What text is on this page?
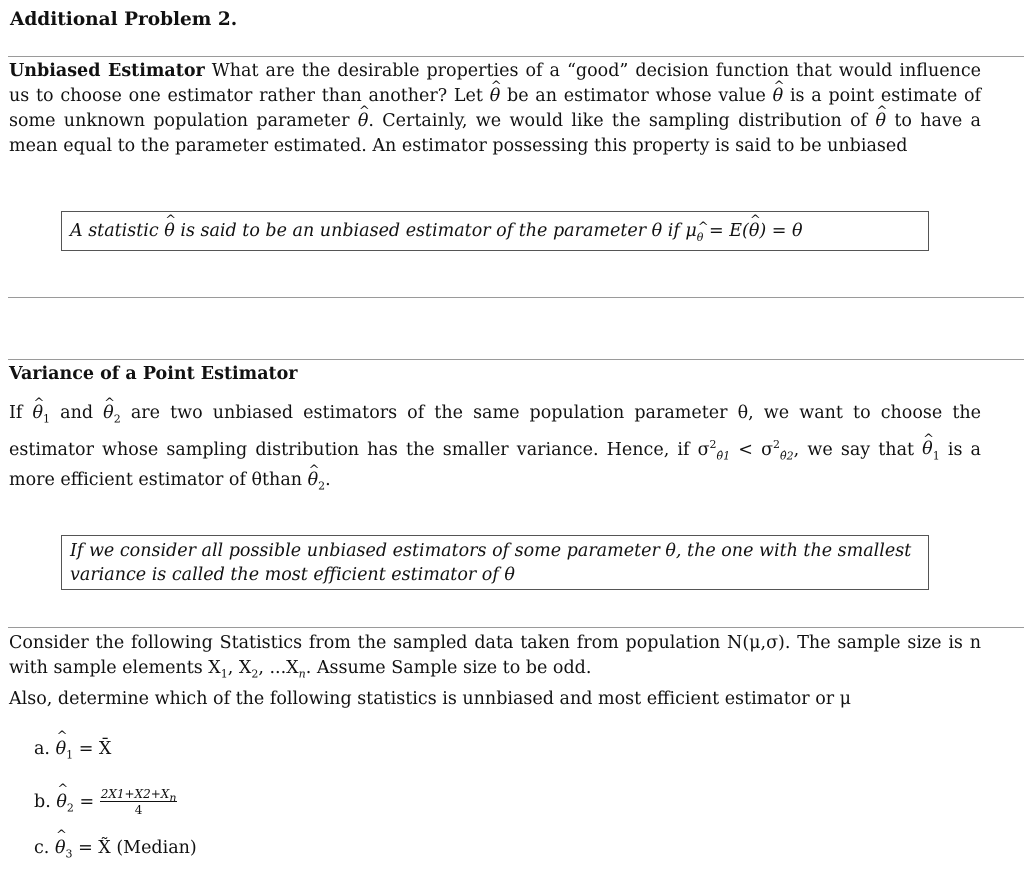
Additional Problem 2.
Unbiased Estimator What are the desirable properties of a “good” decision function that would influence us to choose one estimator rather than another? Let ^ θ be an estimator whose value ^ θ is a point estimate of some unknown population parameter ^ θ. Certainly, we would like the sampling distribution of ^ θ to have a mean equal to the parameter estimated. An estimator possessing this property is said to be unbiased
A statistic ^ θ is said to be an unbiased estimator of the parameter θ if μ^ $_\theta$ = E(^ θ) = θ
Variance of a Point Estimator
If ^ $\theta_1$ and ^ $\theta_2$ are two unbiased estimators of the same population parameter θ, we want to choose the estimator whose sampling distribution has the smaller variance. Hence, if $\sigma^2_{\thetâ1} < \sigma^2_{\thetâ2}$, we say that ^ $\theta_1$ is a more efficient estimator of θthan ^ $\theta_2$.
If we consider all possible unbiased estimators of some parameter θ, the one with the smallest variance is called the most efficient estimator of θ
Consider the following Statistics from the sampled data taken from population N(μ,σ). The sample size is n with sample elements $X_1$, $X_2$, $...X_n$. Assume Sample size to be odd.
Also, determine which of the following statistics is unnbiased and most efficient estimator or μ
a. ^ $\theta_1$ = X̄
b. ^ $\theta_2 = \frac{2X1+X2+X_n}{4}$
c. ^ $\theta_3$ = X̃ (Median)
